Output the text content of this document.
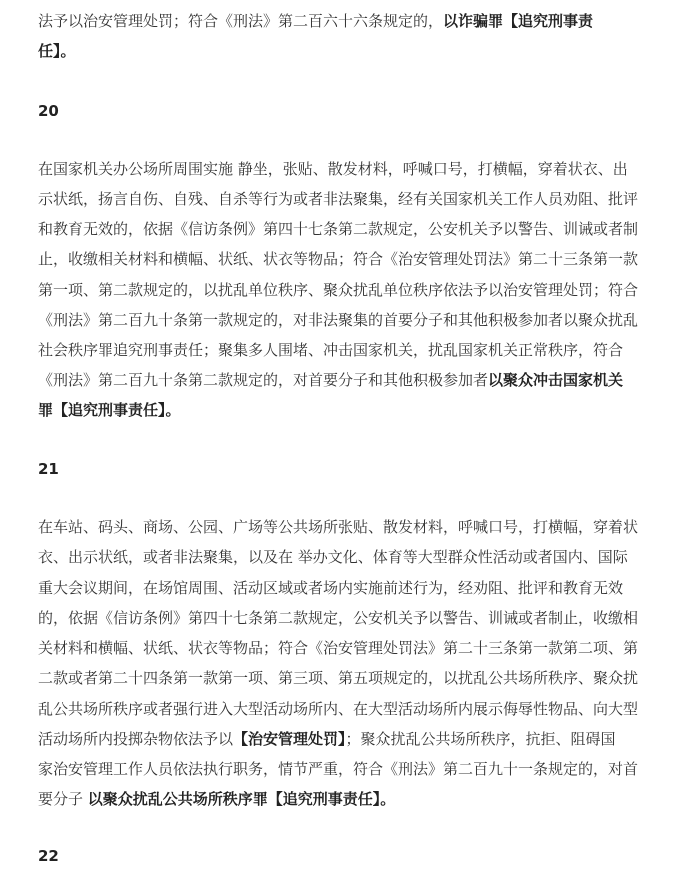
法予以治安管理处罚；符合《刑法》第二百六十六条规定的，以诈骗罪【追究刑事责
任】。
20
在国家机关办公场所周围实施 静坐，张贴、散发材料，呼喊口号，打横幅，穿着状衣、出
示状纸，扬言自伤、自残、自杀等行为或者非法聚集，经有关国家机关工作人员劝阻、批评
和教育无效的，依据《信访条例》第四十七条第二款规定，公安机关予以警告、训诫或者制
止，收缴相关材料和横幅、状纸、状衣等物品；符合《治安管理处罚法》第二十三条第一款
第一项、第二款规定的，以扰乱单位秩序、聚众扰乱单位秩序依法予以治安管理处罚；符合
《刑法》第二百九十条第一款规定的，对非法聚集的首要分子和其他积极参加者以聚众扰乱
社会秩序罪追究刑事责任；聚集多人围堵、冲击国家机关，扰乱国家机关正常秩序，符合
《刑法》第二百九十条第二款规定的，对首要分子和其他积极参加者以聚众冲击国家机关
罪【追究刑事责任】。
21
在车站、码头、商场、公园、广场等公共场所张贴、散发材料，呼喊口号，打横幅，穿着状
衣、出示状纸，或者非法聚集，以及在 举办文化、体育等大型群众性活动或者国内、国际
重大会议期间，在场馆周围、活动区域或者场内实施前述行为，经劝阻、批评和教育无效
的，依据《信访条例》第四十七条第二款规定，公安机关予以警告、训诫或者制止，收缴相
关材料和横幅、状纸、状衣等物品；符合《治安管理处罚法》第二十三条第一款第二项、第
二款或者第二十四条第一款第一项、第三项、第五项规定的，以扰乱公共场所秩序、聚众扰
乱公共场所秩序或者强行进入大型活动场所内、在大型活动场所内展示侮辱性物品、向大型
活动场所内投掷杂物依法予以【治安管理处罚】；聚众扰乱公共场所秩序，抗拒、阻碍国
家治安管理工作人员依法执行职务，情节严重，符合《刑法》第二百九十一条规定的，对首
要分子 以聚众扰乱公共场所秩序罪【追究刑事责任】。
22
